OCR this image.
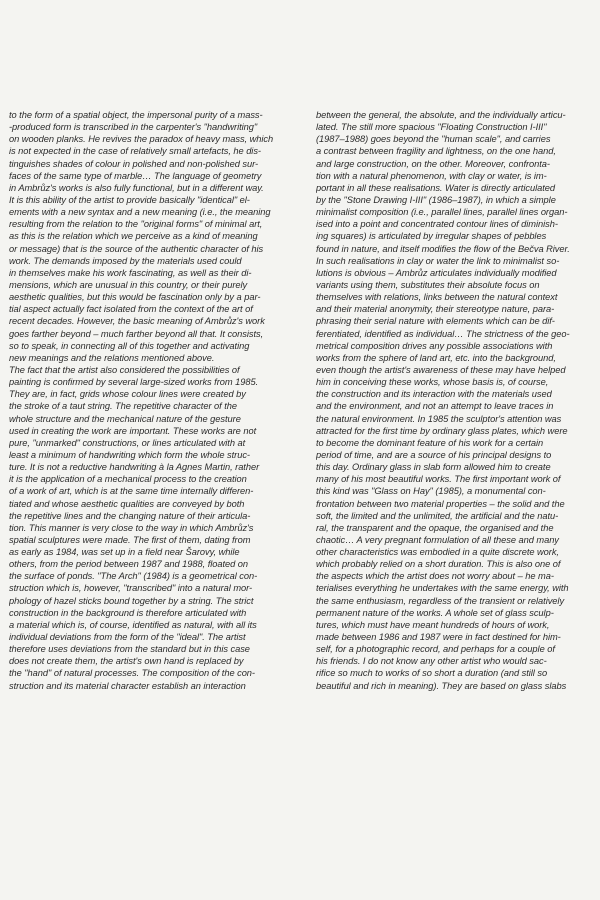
to the form of a spatial object, the impersonal purity of a mass-
-produced form is transcribed in the carpenter's "handwriting"
on wooden planks. He revives the paradox of heavy mass, which
is not expected in the case of relatively small artefacts, he dis-
tinguishes shades of colour in polished and non-polished sur-
faces of the same type of marble… The language of geometry
in Ambrůz's works is also fully functional, but in a different way.
It is this ability of the artist to provide basically "identical" el-
ements with a new syntax and a new meaning (i.e., the meaning
resulting from the relation to the "original forms" of minimal art,
as this is the relation which we perceive as a kind of meaning
or message) that is the source of the authentic character of his
work. The demands imposed by the materials used could
in themselves make his work fascinating, as well as their di-
mensions, which are unusual in this country, or their purely
aesthetic qualities, but this would be fascination only by a par-
tial aspect actually fact isolated from the context of the art of
recent decades. However, the basic meaning of Ambrůz's work
goes farther beyond – much farther beyond all that. It consists,
so to speak, in connecting all of this together and activating
new meanings and the relations mentioned above.
The fact that the artist also considered the possibilities of
painting is confirmed by several large-sized works from 1985.
They are, in fact, grids whose colour lines were created by
the stroke of a taut string. The repetitive character of the
whole structure and the mechanical nature of the gesture
used in creating the work are important. These works are not
pure, "unmarked" constructions, or lines articulated with at
least a minimum of handwriting which form the whole struc-
ture. It is not a reductive handwriting à la Agnes Martin, rather
it is the application of a mechanical process to the creation
of a work of art, which is at the same time internally differen-
tiated and whose aesthetic qualities are conveyed by both
the repetitive lines and the changing nature of their articula-
tion. This manner is very close to the way in which Ambrůz's
spatial sculptures were made. The first of them, dating from
as early as 1984, was set up in a field near Šarovy, while
others, from the period between 1987 and 1988, floated on
the surface of ponds. "The Arch" (1984) is a geometrical con-
struction which is, however, "transcribed" into a natural mor-
phology of hazel sticks bound together by a string. The strict
construction in the background is therefore articulated with
a material which is, of course, identified as natural, with all its
individual deviations from the form of the "ideal". The artist
therefore uses deviations from the standard but in this case
does not create them, the artist's own hand is replaced by
the "hand" of natural processes. The composition of the con-
struction and its material character establish an interaction
between the general, the absolute, and the individually articu-
lated. The still more spacious "Floating Construction I-III"
(1987–1988) goes beyond the "human scale", and carries
a contrast between fragility and lightness, on the one hand,
and large construction, on the other. Moreover, confronta-
tion with a natural phenomenon, with clay or water, is im-
portant in all these realisations. Water is directly articulated
by the "Stone Drawing I-III" (1986–1987), in which a simple
minimalist composition (i.e., parallel lines, parallel lines organ-
ised into a point and concentrated contour lines of diminish-
ing squares) is articulated by irregular shapes of pebbles
found in nature, and itself modifies the flow of the Bečva River.
In such realisations in clay or water the link to minimalist so-
lutions is obvious – Ambrůz articulates individually modified
variants using them, substitutes their absolute focus on
themselves with relations, links between the natural context
and their material anonymity, their stereotype nature, para-
phrasing their serial nature with elements which can be dif-
ferentiated, identified as individual… The strictness of the geo-
metrical composition drives any possible associations with
works from the sphere of land art, etc. into the background,
even though the artist's awareness of these may have helped
him in conceiving these works, whose basis is, of course,
the construction and its interaction with the materials used
and the environment, and not an attempt to leave traces in
the natural environment. In 1985 the sculptor's attention was
attracted for the first time by ordinary glass plates, which were
to become the dominant feature of his work for a certain
period of time, and are a source of his principal designs to
this day. Ordinary glass in slab form allowed him to create
many of his most beautiful works. The first important work of
this kind was "Glass on Hay" (1985), a monumental con-
frontation between two material properties – the solid and the
soft, the limited and the unlimited, the artificial and the natu-
ral, the transparent and the opaque, the organised and the
chaotic… A very pregnant formulation of all these and many
other characteristics was embodied in a quite discrete work,
which probably relied on a short duration. This is also one of
the aspects which the artist does not worry about – he ma-
terialises everything he undertakes with the same energy, with
the same enthusiasm, regardless of the transient or relatively
permanent nature of the works. A whole set of glass sculp-
tures, which must have meant hundreds of hours of work,
made between 1986 and 1987 were in fact destined for him-
self, for a photographic record, and perhaps for a couple of
his friends. I do not know any other artist who would sac-
rifice so much to works of so short a duration (and still so
beautiful and rich in meaning). They are based on glass slabs
